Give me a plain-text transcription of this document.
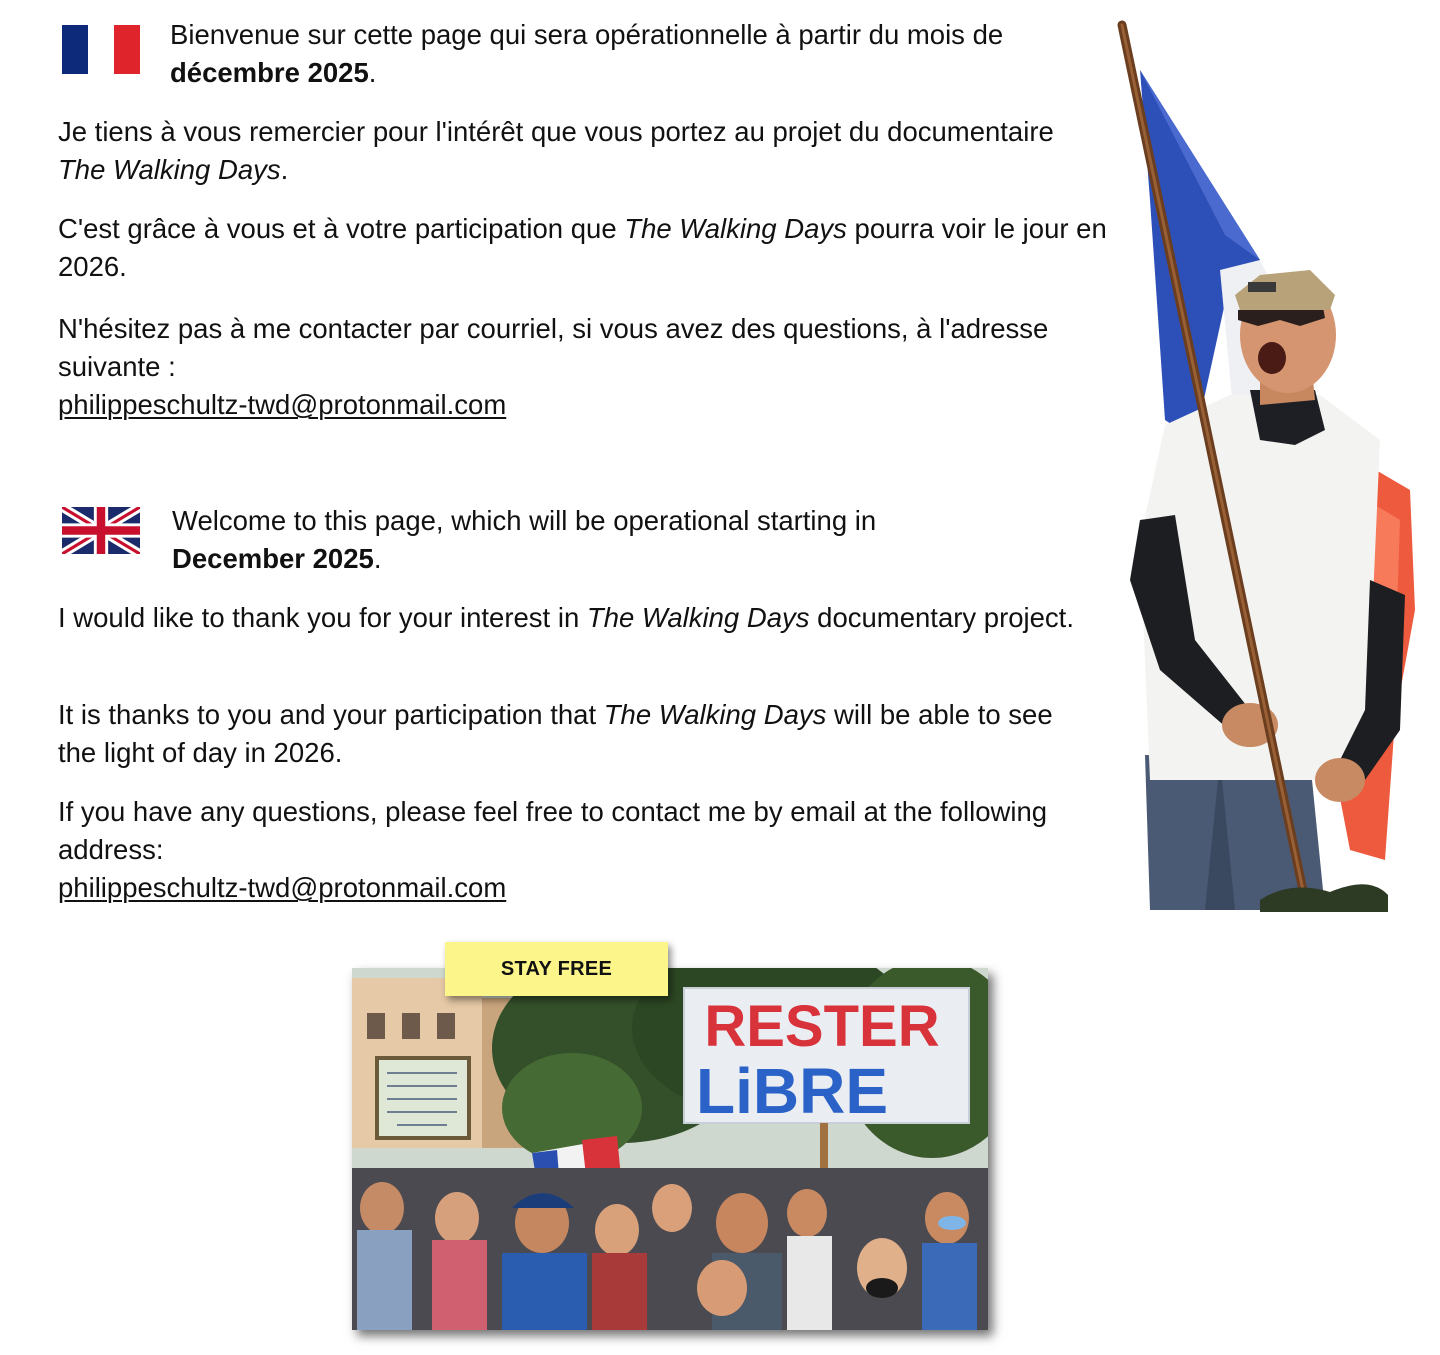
Bienvenue sur cette page qui sera opérationnelle à partir du mois de
décembre 2025.

Je tiens à vous remercier pour l'intérêt que vous portez au projet du documentaire The Walking Days.

C'est grâce à vous et à votre participation que The Walking Days pourra voir le jour en 2026.

N'hésitez pas à me contacter par courriel, si vous avez des questions, à l'adresse suivante :
philippeschultz-twd@protonmail.com

Welcome to this page, which will be operational starting in
December 2025.

I would like to thank you for your interest in The Walking Days documentary project.

It is thanks to you and your participation that The Walking Days will be able to see the light of day in 2026.

If you have any questions, please feel free to contact me by email at the following address:
philippeschultz-twd@protonmail.com

RESTER
LiBRE
STAY FREE
